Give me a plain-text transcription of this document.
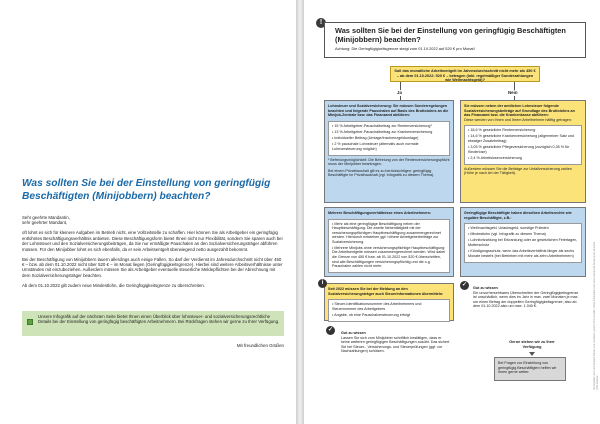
Was sollten Sie bei der Einstellung von geringfügig Beschäftigten (Minijobbern) beachten?

Sehr geehrte Mandantin,
sehr geehrter Mandant,

oft lohnt es sich für kleinere Aufgaben im Betrieb nicht, eine Vollzeitstelle zu schaffen. Hier können Sie als Arbeitgeber ein geringfügig entlohntes Beschäftigungsverhältnis anbieten. Diese Beschäftigungsform bietet Ihnen nicht nur Flexibilität, sondern Sie sparen auch bei der Lohnsteuer und den Sozialversicherungsbeiträgen, da Sie nur ermäßigte Pauschalen an den Sozialversicherungsträger abführen müssen. Für den Minijobber lohnt es sich ebenfalls, da er sein Arbeitsentgelt überwiegend netto ausgezahlt bekommt.

Bei der Beschäftigung von Minijobbern lauern allerdings auch einige Fallen. So darf der Verdienst im Jahresdurchschnitt nicht über 450 € – bzw. ab dem 01.10.2022 nicht über 520 € – im Monat liegen (Geringfügigkeitsgrenze). Hierbei sind weitere Arbeitsverhältnisse unter Umständen mit einzubeziehen. Außerdem müssen Sie als Arbeitgeber eventuelle steuerliche Meldepflichten bei der Abrechnung mit dem Sozialversicherungsträger beachten.

Ab dem 01.10.2022 gilt zudem neue Mindestlohn, die Geringfügigkeitsgrenze zu überschreiten.

Unsere Infografik auf der nächsten Seite bietet Ihnen einen Überblick über lohnsteuer- und sozialversicherungsrechtliche Details bei der Einstellung von geringfügig beschäftigten Arbeitnehmern. Bei Rückfragen stehen wir gerne zu Ihrer Verfügung.
Mit freundlichen Grüßen
!
Was sollten Sie bei der Einstellung von geringfügig Beschäftigten (Minijobbern) beachten?
Achtung: Die Geringfügigkeitsgrenze steigt zum 01.10.2022 auf 520 € pro Monat!
Soll das monatliche Arbeitsentgelt im Jahresdurchschnitt nicht mehr als 450 € – ab dem 01.10.2022: 520 € – betragen (inkl. regelmäßiger Sonderzahlungen wie Weihnachtsgeld)?
Ja	Nein
Lohnsteuer und Sozialversicherung: Sie müssen Sonderregelungen beachten und folgende Pauschalen auf Basis des Bruttolohns an die Minijob-Zentrale bzw. das Finanzamt abführen:
• 15 % Arbeitgeber-Pauschalbeitrag zur Rentenversicherung¹
• 13 % Arbeitgeber-Pauschalbeitrag zur Krankenversicherung
• individueller Beitrag (Umlage/Insolvenzgeldumlage)
• 2 % pauschale Lohnsteuer (alternativ auch normale Lohnversteuerung möglich)
¹ Befreiungsmöglichkeit: Die Befreiung von der Rentenversicherungspflicht muss der Minijobber beantragen.
Bei einem Privathaushalt gilt es zu berücksichtigen: geringfügig Beschäftigte im Privathaushalt (vgl. Infografik zu diesem Thema).
Sie müssen neben der amtlichen Lohnsteuer folgende Sozialversicherungsbeiträge auf Grundlage des Bruttolohns an das Finanzamt bzw. die Krankenkasse abführen:
Diese werden von Ihnen und Ihrem Arbeitnehmer hälftig getragen:
• 18,6 % gesetzliche Rentenversicherung
• 14,6 % gesetzliche Krankenversicherung (allgemeiner Satz und etwaiger Zusatzbeitrag)
• 3,05 % gesetzliche Pflegeversicherung (zuzüglich 0,35 % für Kinderlose)
• 2,4 % Arbeitslosenversicherung
Außerdem müssen Sie die Beiträge zur Unfallversicherung zahlen (Höhe je nach Art der Tätigkeit).
Mehrere Beschäftigungsverhältnisse eines Arbeitnehmers:
• Mehr als eine geringfügige Beschäftigung neben der Hauptbeschäftigung: Die zweite Nebentätigkeit mit der versicherungspflichtigen Hauptbeschäftigung zusammengerechnet werden. Hierdurch entstehen ggf. höhere Arbeitgeberbeiträge zur Sozialversicherung.
• Mehrere Minijobs ohne versicherungspflichtige Hauptbeschäftigung: Die Arbeitsentgelte müssen zusammengerechnet werden. Wird dabei die Grenze von 450 € bzw. ab 01.10.2022 von 520 € überschritten, sind alle Beschäftigungen versicherungspflichtig und die o.g. Pauschalen zahlen nicht mehr.
Geringfügige Beschäftigte haben dieselben Arbeitsrechte wie reguläre Beschäftigte, z.B.:
• Weihnachtsgeld, Urlaubsgeld, sonstige Prämien
• Mindestlohn (vgl. Infografik zu diesem Thema)
• Lohnfortzahlung bei Erkrankung oder an gesetzlichen Feiertagen, Mutterschutz
• Kündigungsschutz, wenn das Arbeitsverhältnis länger als sechs Monate besteht (bei Betrieben mit mehr als zehn Arbeitnehmern)
Seit 2022 müssen Sie bei der Meldung an den Sozialversicherungsträger auch Steuerinformationen übermitteln:
• Steuer-Identifikationsnummer des Arbeitnehmers und Steuernummer des Arbeitgebers
• Angabe, ob eine Pauschalversteuerung erfolgt
i
Gut zu wissen
Lassen Sie sich vom Minijobber schriftlich bestätigen, dass er keine weiteren geringfügigen Beschäftigungen ausübt. Das sichert Sie bei Steuer-, Versicherungs- und Steuerprüfungen (ggf. vor Nachzahlungen) schützen.
✓
Gut zu wissen
Ein unvorhersehbares Überschreiten der Geringfügigkeitsgrenze ist unschädlich, wenn dies im Jahr in max. zwei Monaten je max. um einen Betrag der doppelten Geringfügigkeitsgrenze, also ab dem 01.10.2022 also um max. 1.040 €.
✓
Gerne stehen wir zu Ihrer Verfügung
Bei Fragen zur Einstellung von geringfügig Beschäftigten helfen wir Ihnen gerne weiter.	Die Angaben sind nach bestem Wissen und Gewissen, jedoch ohne Gewähr. Diese Information kann eine individuelle Beratung im Einzelfall nicht ersetzen.
